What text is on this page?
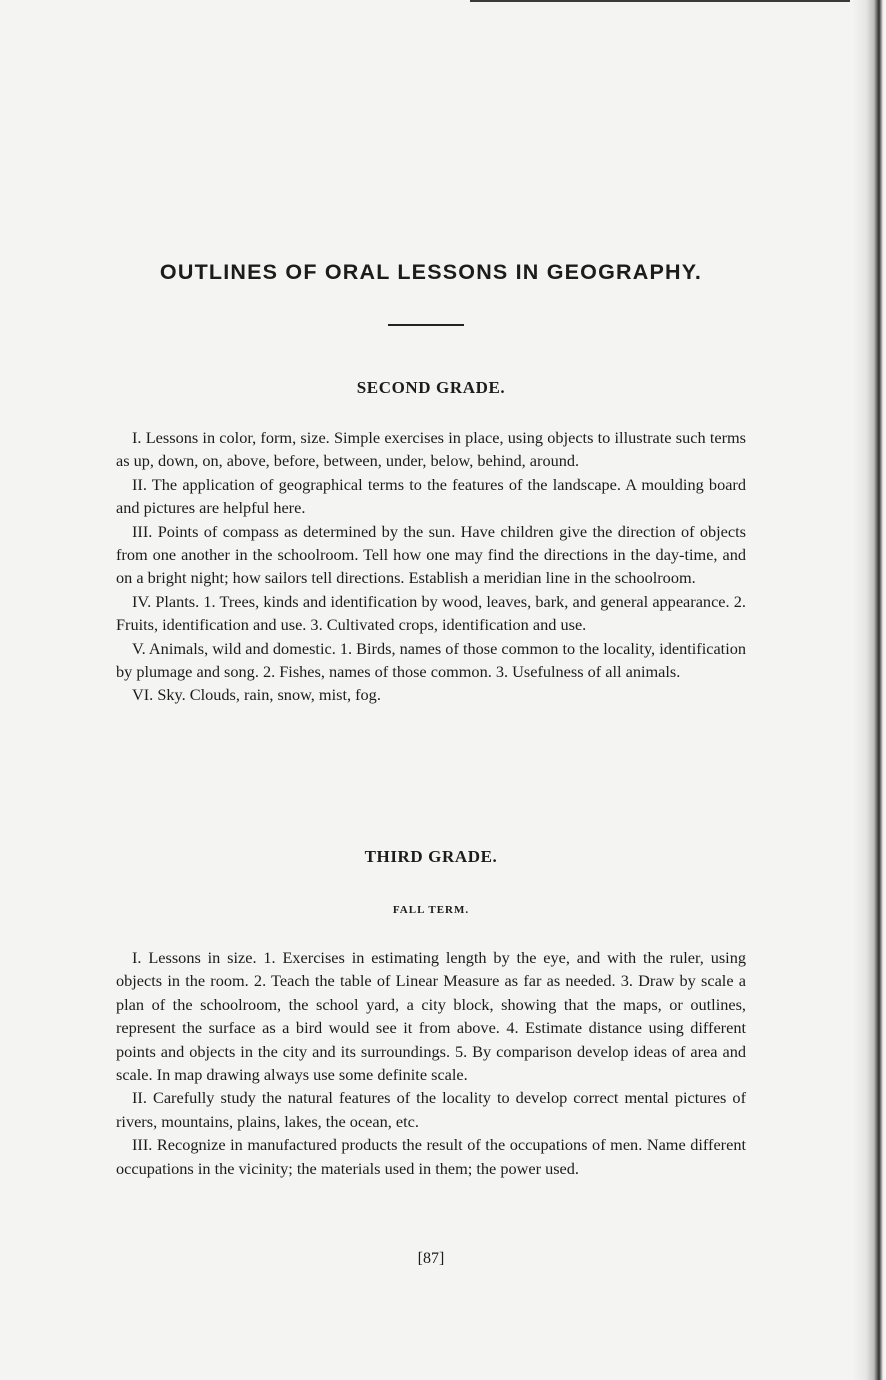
OUTLINES OF ORAL LESSONS IN GEOGRAPHY.
SECOND GRADE.

I. Lessons in color, form, size. Simple exercises in place, using objects to illustrate such terms as up, down, on, above, before, between, under, below, behind, around.

II. The application of geographical terms to the features of the landscape. A moulding board and pictures are helpful here.

III. Points of compass as determined by the sun. Have children give the direction of objects from one another in the schoolroom. Tell how one may find the directions in the day-time, and on a bright night; how sailors tell directions. Establish a meridian line in the schoolroom.

IV. Plants. 1. Trees, kinds and identification by wood, leaves, bark, and general appearance. 2. Fruits, identification and use. 3. Cultivated crops, identification and use.

V. Animals, wild and domestic. 1. Birds, names of those common to the locality, identification by plumage and song. 2. Fishes, names of those common. 3. Usefulness of all animals.

VI. Sky. Clouds, rain, snow, mist, fog.

THIRD GRADE.
FALL TERM.

I. Lessons in size. 1. Exercises in estimating length by the eye, and with the ruler, using objects in the room. 2. Teach the table of Linear Measure as far as needed. 3. Draw by scale a plan of the schoolroom, the school yard, a city block, showing that the maps, or outlines, represent the surface as a bird would see it from above. 4. Estimate distance using different points and objects in the city and its surroundings. 5. By comparison develop ideas of area and scale. In map drawing always use some definite scale.

II. Carefully study the natural features of the locality to develop correct mental pictures of rivers, mountains, plains, lakes, the ocean, etc.

III. Recognize in manufactured products the result of the occupations of men. Name different occupations in the vicinity; the materials used in them; the power used.

[87]
